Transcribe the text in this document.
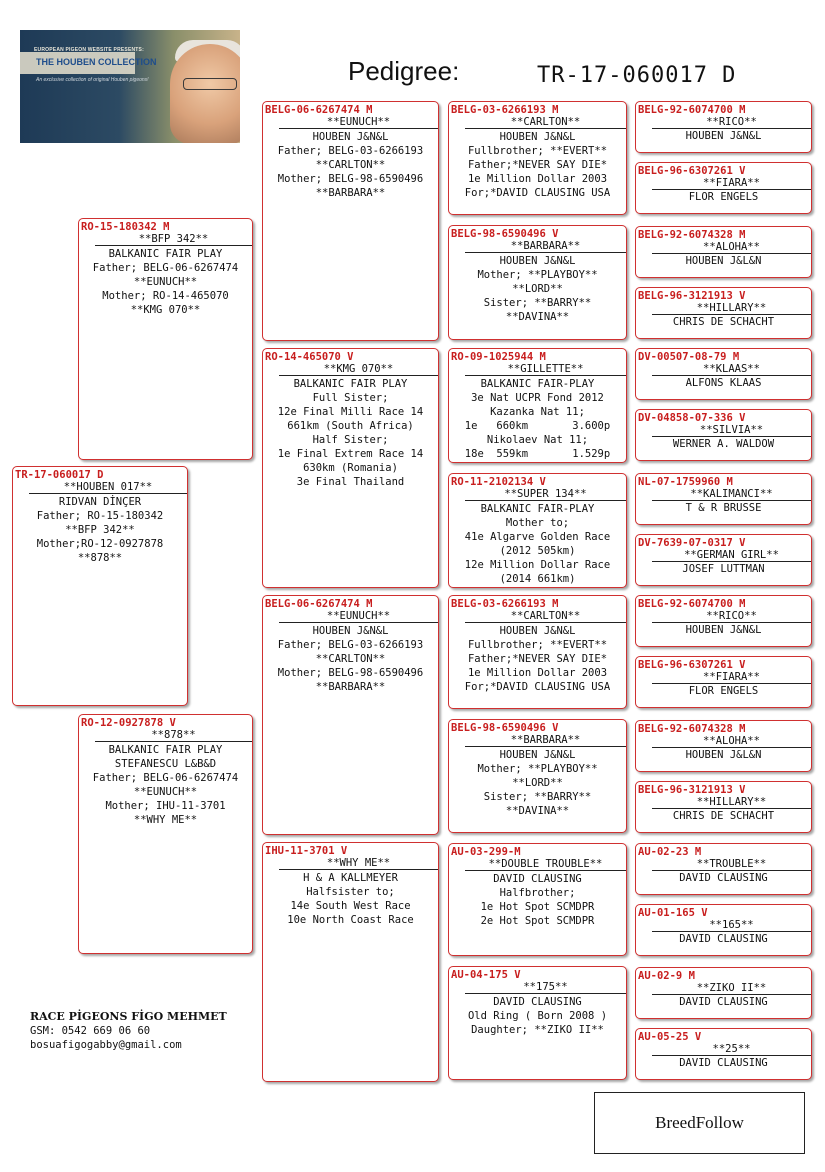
EUROPEAN PIGEON WEBSITE PRESENTS:
THE HOUBEN COLLECTION
An exclusive collection of original Houben pigeons!	Pedigree:	TR-17-060017 D
TR-17-060017 D
**HOUBEN 017**
RIDVAN DİNÇER
Father; RO-15-180342
**BFP 342**
Mother;RO-12-0927878
**878**
RO-15-180342 M
**BFP 342**
BALKANIC FAIR PLAY
Father; BELG-06-6267474
**EUNUCH**
Mother; RO-14-465070
**KMG 070**
RO-12-0927878 V
**878**
BALKANIC FAIR PLAY
STEFANESCU L&B&D
Father; BELG-06-6267474
**EUNUCH**
Mother; IHU-11-3701
**WHY ME**
BELG-06-6267474 M
**EUNUCH**
HOUBEN J&N&L
Father; BELG-03-6266193
**CARLTON**
Mother; BELG-98-6590496
**BARBARA**
RO-14-465070 V
**KMG 070**
BALKANIC FAIR PLAY
Full Sister;
12e Final Milli Race 14
661km (South Africa)
Half Sister;
1e Final Extrem Race 14
630km (Romania)
3e Final Thailand
BELG-06-6267474 M
**EUNUCH**
HOUBEN J&N&L
Father; BELG-03-6266193
**CARLTON**
Mother; BELG-98-6590496
**BARBARA**
IHU-11-3701 V
**WHY ME**
H & A KALLMEYER
Halfsister to;
14e South West Race
10e North Coast Race
BELG-03-6266193 M
**CARLTON**
HOUBEN J&N&L
Fullbrother; **EVERT**
Father;*NEVER SAY DIE*
1e Million Dollar 2003
For;*DAVID CLAUSING USA
BELG-98-6590496 V
**BARBARA**
HOUBEN J&N&L
Mother; **PLAYBOY**
**LORD**
Sister; **BARRY**
**DAVINA**
RO-09-1025944 M
**GILLETTE**
BALKANIC FAIR-PLAY
3e Nat UCPR Fond 2012
Kazanka Nat 11;
1e   660km       3.600p
Nikolaev Nat 11;
18e  559km       1.529p
RO-11-2102134 V
**SUPER 134**
BALKANIC FAIR-PLAY
Mother to;
41e Algarve Golden Race
(2012 505km)
12e Million Dollar Race
(2014 661km)
BELG-03-6266193 M
**CARLTON**
HOUBEN J&N&L
Fullbrother; **EVERT**
Father;*NEVER SAY DIE*
1e Million Dollar 2003
For;*DAVID CLAUSING USA
BELG-98-6590496 V
**BARBARA**
HOUBEN J&N&L
Mother; **PLAYBOY**
**LORD**
Sister; **BARRY**
**DAVINA**
AU-03-299-M
**DOUBLE TROUBLE**
DAVID CLAUSING
Halfbrother;
1e Hot Spot SCMDPR
2e Hot Spot SCMDPR
AU-04-175 V
**175**
DAVID CLAUSING
Old Ring ( Born 2008 )
Daughter; **ZIKO II**
BELG-92-6074700 M
**RICO**
HOUBEN J&N&L
BELG-96-6307261 V
**FIARA**
FLOR ENGELS
BELG-92-6074328 M
**ALOHA**
HOUBEN J&L&N
BELG-96-3121913 V
**HILLARY**
CHRIS DE SCHACHT
DV-00507-08-79 M
**KLAAS**
ALFONS KLAAS
DV-04858-07-336 V
**SILVIA**
WERNER A. WALDOW
NL-07-1759960 M
**KALIMANCI**
T & R BRUSSE
DV-7639-07-0317 V
**GERMAN GIRL**
JOSEF LUTTMAN
BELG-92-6074700 M
**RICO**
HOUBEN J&N&L
BELG-96-6307261 V
**FIARA**
FLOR ENGELS
BELG-92-6074328 M
**ALOHA**
HOUBEN J&L&N
BELG-96-3121913 V
**HILLARY**
CHRIS DE SCHACHT
AU-02-23 M
**TROUBLE**
DAVID CLAUSING
AU-01-165 V
**165**
DAVID CLAUSING
AU-02-9 M
**ZIKO II**
DAVID CLAUSING
AU-05-25 V
**25**
DAVID CLAUSING
RACE PİGEONS FİGO MEHMET
GSM: 0542 669 06 60
bosuafigogabby@gmail.com
BreedFollow
